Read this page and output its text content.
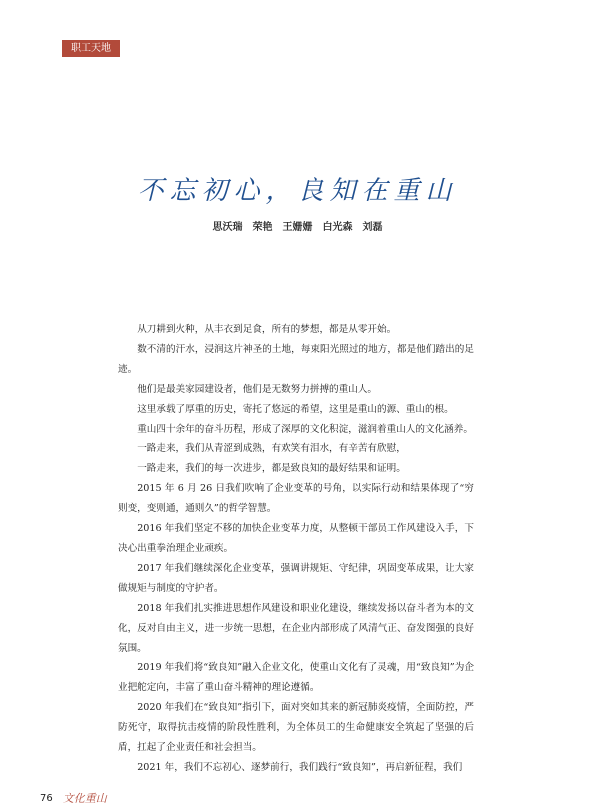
职工天地
不忘初心，良知在重山
思沃瑞　荣艳　王姗姗　白光森　刘磊

从刀耕到火种，从丰衣到足食，所有的梦想，都是从零开始。

数不清的汗水，浸润这片神圣的土地，每束阳光照过的地方，都是他们踏出的足迹。

他们是最美家园建设者，他们是无数努力拼搏的重山人。

这里承载了厚重的历史，寄托了悠远的希望，这里是重山的源、重山的根。

重山四十余年的奋斗历程，形成了深厚的文化积淀，滋润着重山人的文化涵养。

一路走来，我们从青涩到成熟，有欢笑有泪水，有辛苦有欣慰，

一路走来，我们的每一次进步，都是致良知的最好结果和证明。

2015 年 6 月 26 日我们吹响了企业变革的号角，以实际行动和结果体现了“穷则变，变则通，通则久”的哲学智慧。

2016 年我们坚定不移的加快企业变革力度，从整顿干部员工作风建设入手，下决心出重拳治理企业顽疾。

2017 年我们继续深化企业变革，强调讲规矩、守纪律，巩固变革成果，让大家做规矩与制度的守护者。

2018 年我们扎实推进思想作风建设和职业化建设，继续发扬以奋斗者为本的文化，反对自由主义，进一步统一思想，在企业内部形成了风清气正、奋发图强的良好氛围。

2019 年我们将“致良知”融入企业文化，使重山文化有了灵魂，用“致良知”为企业把舵定向，丰富了重山奋斗精神的理论遵循。

2020 年我们在“致良知”指引下，面对突如其来的新冠肺炎疫情，全面防控，严防死守，取得抗击疫情的阶段性胜利，为全体员工的生命健康安全筑起了坚强的后盾，扛起了企业责任和社会担当。

2021 年，我们不忘初心、逐梦前行，我们践行“致良知”，再启新征程，我们

76 文化重山
